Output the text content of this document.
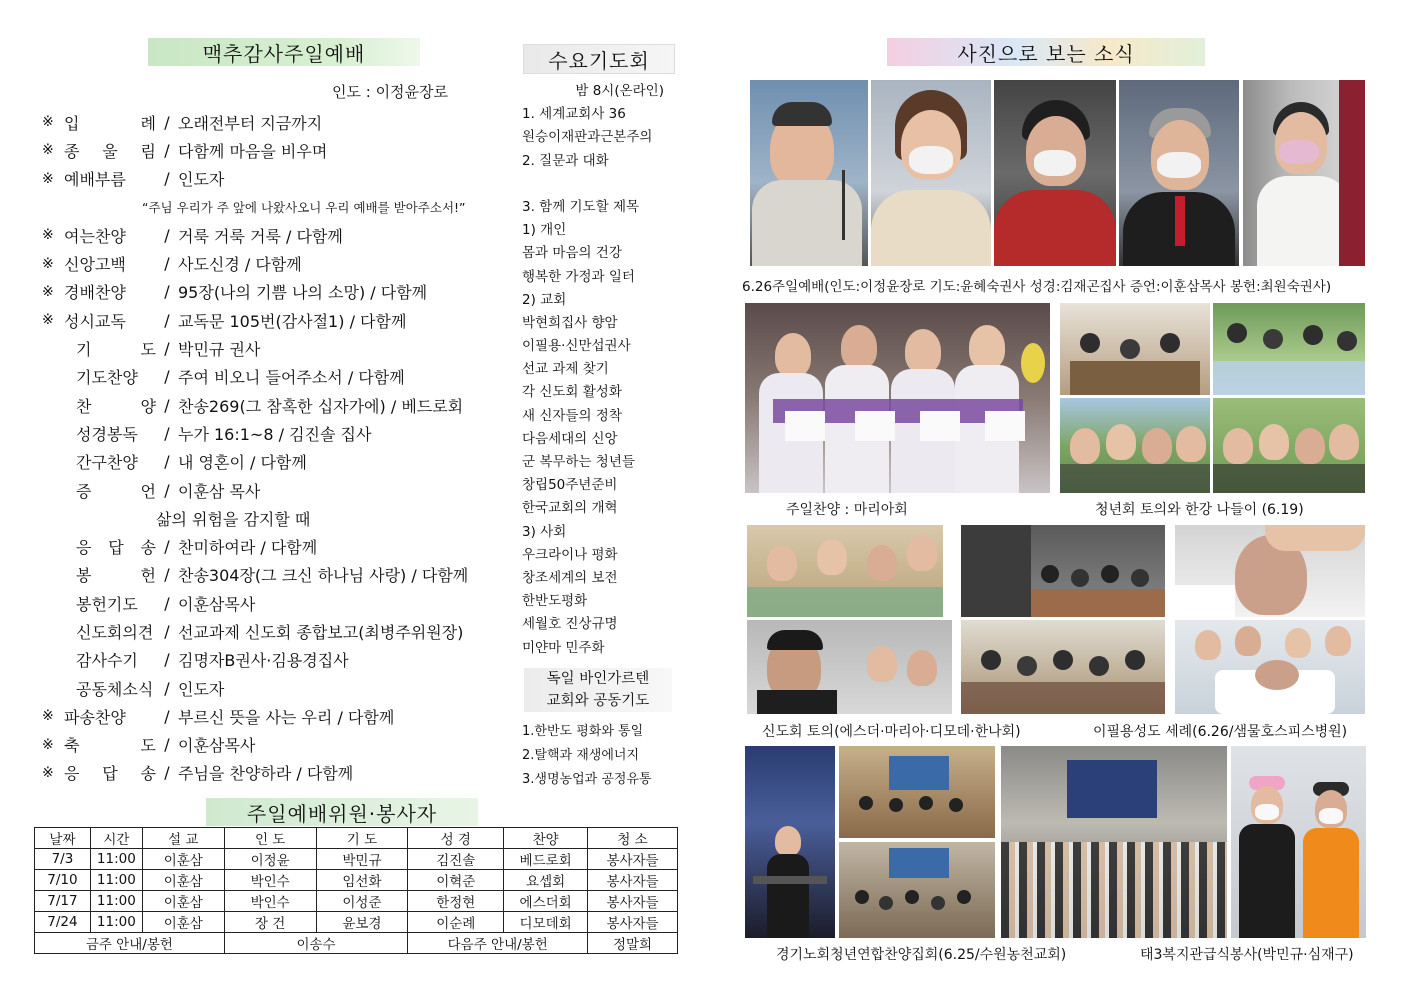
맥추감사주일예배
인도 : 이정윤장로
※ 입	례 / 오래전부터 지금까지
※ 종 울 림 / 다함께 마음을 비우며
※ 예배부름	/ 인도자
“주님 우리가 주 앞에 나왔사오니 우리 예배를 받아주소서!”
※ 여는찬양	/ 거룩 거룩 거룩 / 다함께
※ 신앙고백	/ 사도신경 / 다함께
※ 경배찬양	/ 95장(나의 기쁨 나의 소망) / 다함께
※ 성시교독	/ 교독문 105번(감사절1) / 다함께
기	도 / 박민규 권사
기도찬양	/ 주여 비오니 들어주소서 / 다함께
찬	양 / 찬송269(그 참혹한 십자가에) / 베드로회
성경봉독	/ 누가 16:1~8 / 김진솔 집사
간구찬양	/ 내 영혼이 / 다함께
증	언 / 이훈삼 목사
삶의 위험을 감지할 때
응 답 송 / 찬미하여라 / 다함께
봉	헌 / 찬송304장(그 크신 하나님 사랑) / 다함께
봉헌기도	/ 이훈삼목사
신도회의견 / 선교과제 신도회 종합보고(최병주위원장)
감사수기	/ 김명자B권사·김용경집사
공동체소식 / 인도자
※ 파송찬양	/ 부르신 뜻을 사는 우리 / 다함께
※ 축	도 / 이훈삼목사
※ 응 답 송 / 주님을 찬양하라 / 다함께
수요기도회
밤 8시(온라인)
1. 세계교회사 36
원승이재판과근본주의
2. 질문과 대화
3. 함께 기도할 제목
1) 개인
몸과 마음의 건강
행복한 가정과 일터
2) 교회
박현희집사 향암
이필용·신만섭권사
선교 과제 찾기
각 신도회 활성화
새 신자들의 정착
다음세대의 신앙
군 복무하는 청년들
창립50주년준비
한국교회의 개혁
3) 사회
우크라이나 평화
창조세계의 보전
한반도평화
세월호 진상규명
미얀마 민주화
독일 바인가르텐
교회와 공동기도
1.한반도 평화와 통일
2.탈핵과 재생에너지
3.생명농업과 공정유통
주일예배위원·봉사자
날짜	시간	설 교	인 도	기 도	성 경	찬양	청 소
7/3	11:00	이훈삼	이정윤	박민규	김진솔	베드로회	봉사자들
7/10	11:00	이훈삼	박인수	임선화	이혁준	요셉회	봉사자들
7/17	11:00	이훈삼	박인수	이성준	한정현	에스더회	봉사자들
7/24	11:00	이훈삼	장 건	윤보경	이순례	디모데회	봉사자들
금주 안내/봉헌			이송수		다음주 안내/봉헌		정말희
사진으로 보는 소식
6.26주일예배(인도:이정윤장로 기도:윤혜숙권사 성경:김재곤집사 증언:이훈삼목사 봉헌:최원숙권사)
주일찬양 : 마리아회	청년회 토의와 한강 나들이 (6.19)
신도회 토의(에스더·마리아·디모데·한나회)	이필용성도 세례(6.26/샘물호스피스병원)
경기노회청년연합찬양집회(6.25/수원농천교회)	태3복지관급식봉사(박민규·심재구)
